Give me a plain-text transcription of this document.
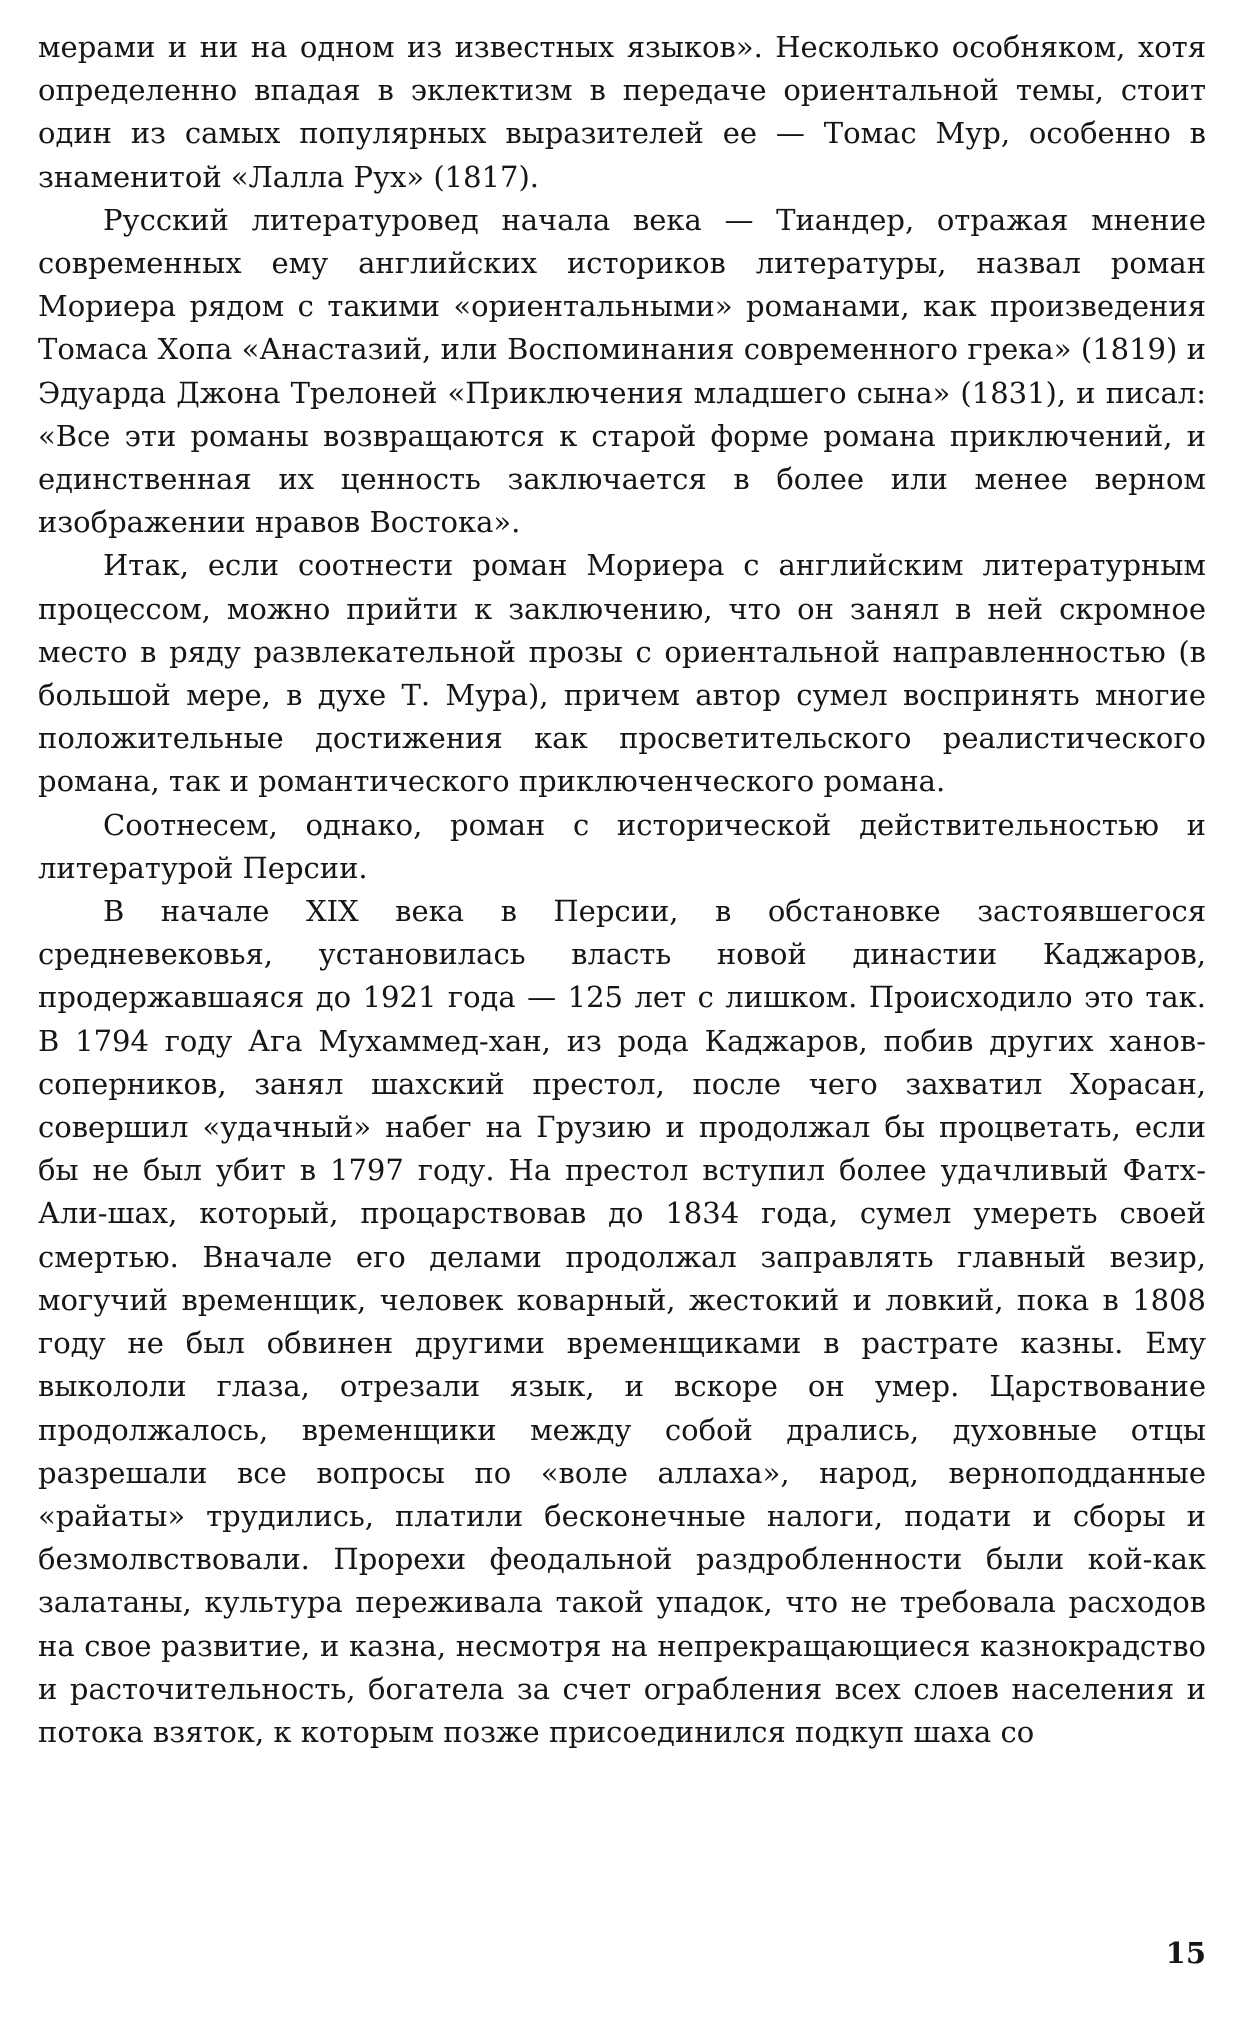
мерами и ни на одном из известных языков». Несколько особняком, хотя определенно впадая в эклектизм в передаче ориентальной темы, стоит один из самых популярных выразителей ее — Томас Мур, особенно в знаменитой «Лалла Рух» (1817).

Русский литературовед начала века — Тиандер, отражая мнение современных ему английских историков литературы, назвал роман Мориера рядом с такими «ориентальными» романами, как произведения Томаса Хопа «Анастазий, или Воспоминания современного грека» (1819) и Эдуарда Джона Трелоней «Приключения младшего сына» (1831), и писал: «Все эти романы возвращаются к старой форме романа приключений, и единственная их ценность заключается в более или менее верном изображении нравов Востока».

Итак, если соотнести роман Мориера с английским литературным процессом, можно прийти к заключению, что он занял в ней скромное место в ряду развлекательной прозы с ориентальной направленностью (в большой мере, в духе Т. Мура), причем автор сумел воспринять многие положительные достижения как просветительского реалистического романа, так и романтического приключенческого романа.

Соотнесем, однако, роман с исторической действительностью и литературой Персии.

В начале XIX века в Персии, в обстановке застоявшегося средневековья, установилась власть новой династии Каджаров, продержавшаяся до 1921 года — 125 лет с лишком. Происходило это так. В 1794 году Ага Мухаммед-хан, из рода Каджаров, побив других ханов-соперников, занял шахский престол, после чего захватил Хорасан, совершил «удачный» набег на Грузию и продолжал бы процветать, если бы не был убит в 1797 году. На престол вступил более удачливый Фатх-Али-шах, который, процарствовав до 1834 года, сумел умереть своей смертью. Вначале его делами продолжал заправлять главный везир, могучий временщик, человек коварный, жестокий и ловкий, пока в 1808 году не был обвинен другими временщиками в растрате казны. Ему выкололи глаза, отрезали язык, и вскоре он умер. Царствование продолжалось, временщики между собой дрались, духовные отцы разрешали все вопросы по «воле аллаха», народ, верноподданные «райаты» трудились, платили бесконечные налоги, подати и сборы и безмолвствовали. Прорехи феодальной раздробленности были кой-как залатаны, культура переживала такой упадок, что не требовала расходов на свое развитие, и казна, несмотря на непрекращающиеся казнокрадство и расточительность, богатела за счет ограбления всех слоев населения и потока взяток, к которым позже присоединился подкуп шаха со

15
